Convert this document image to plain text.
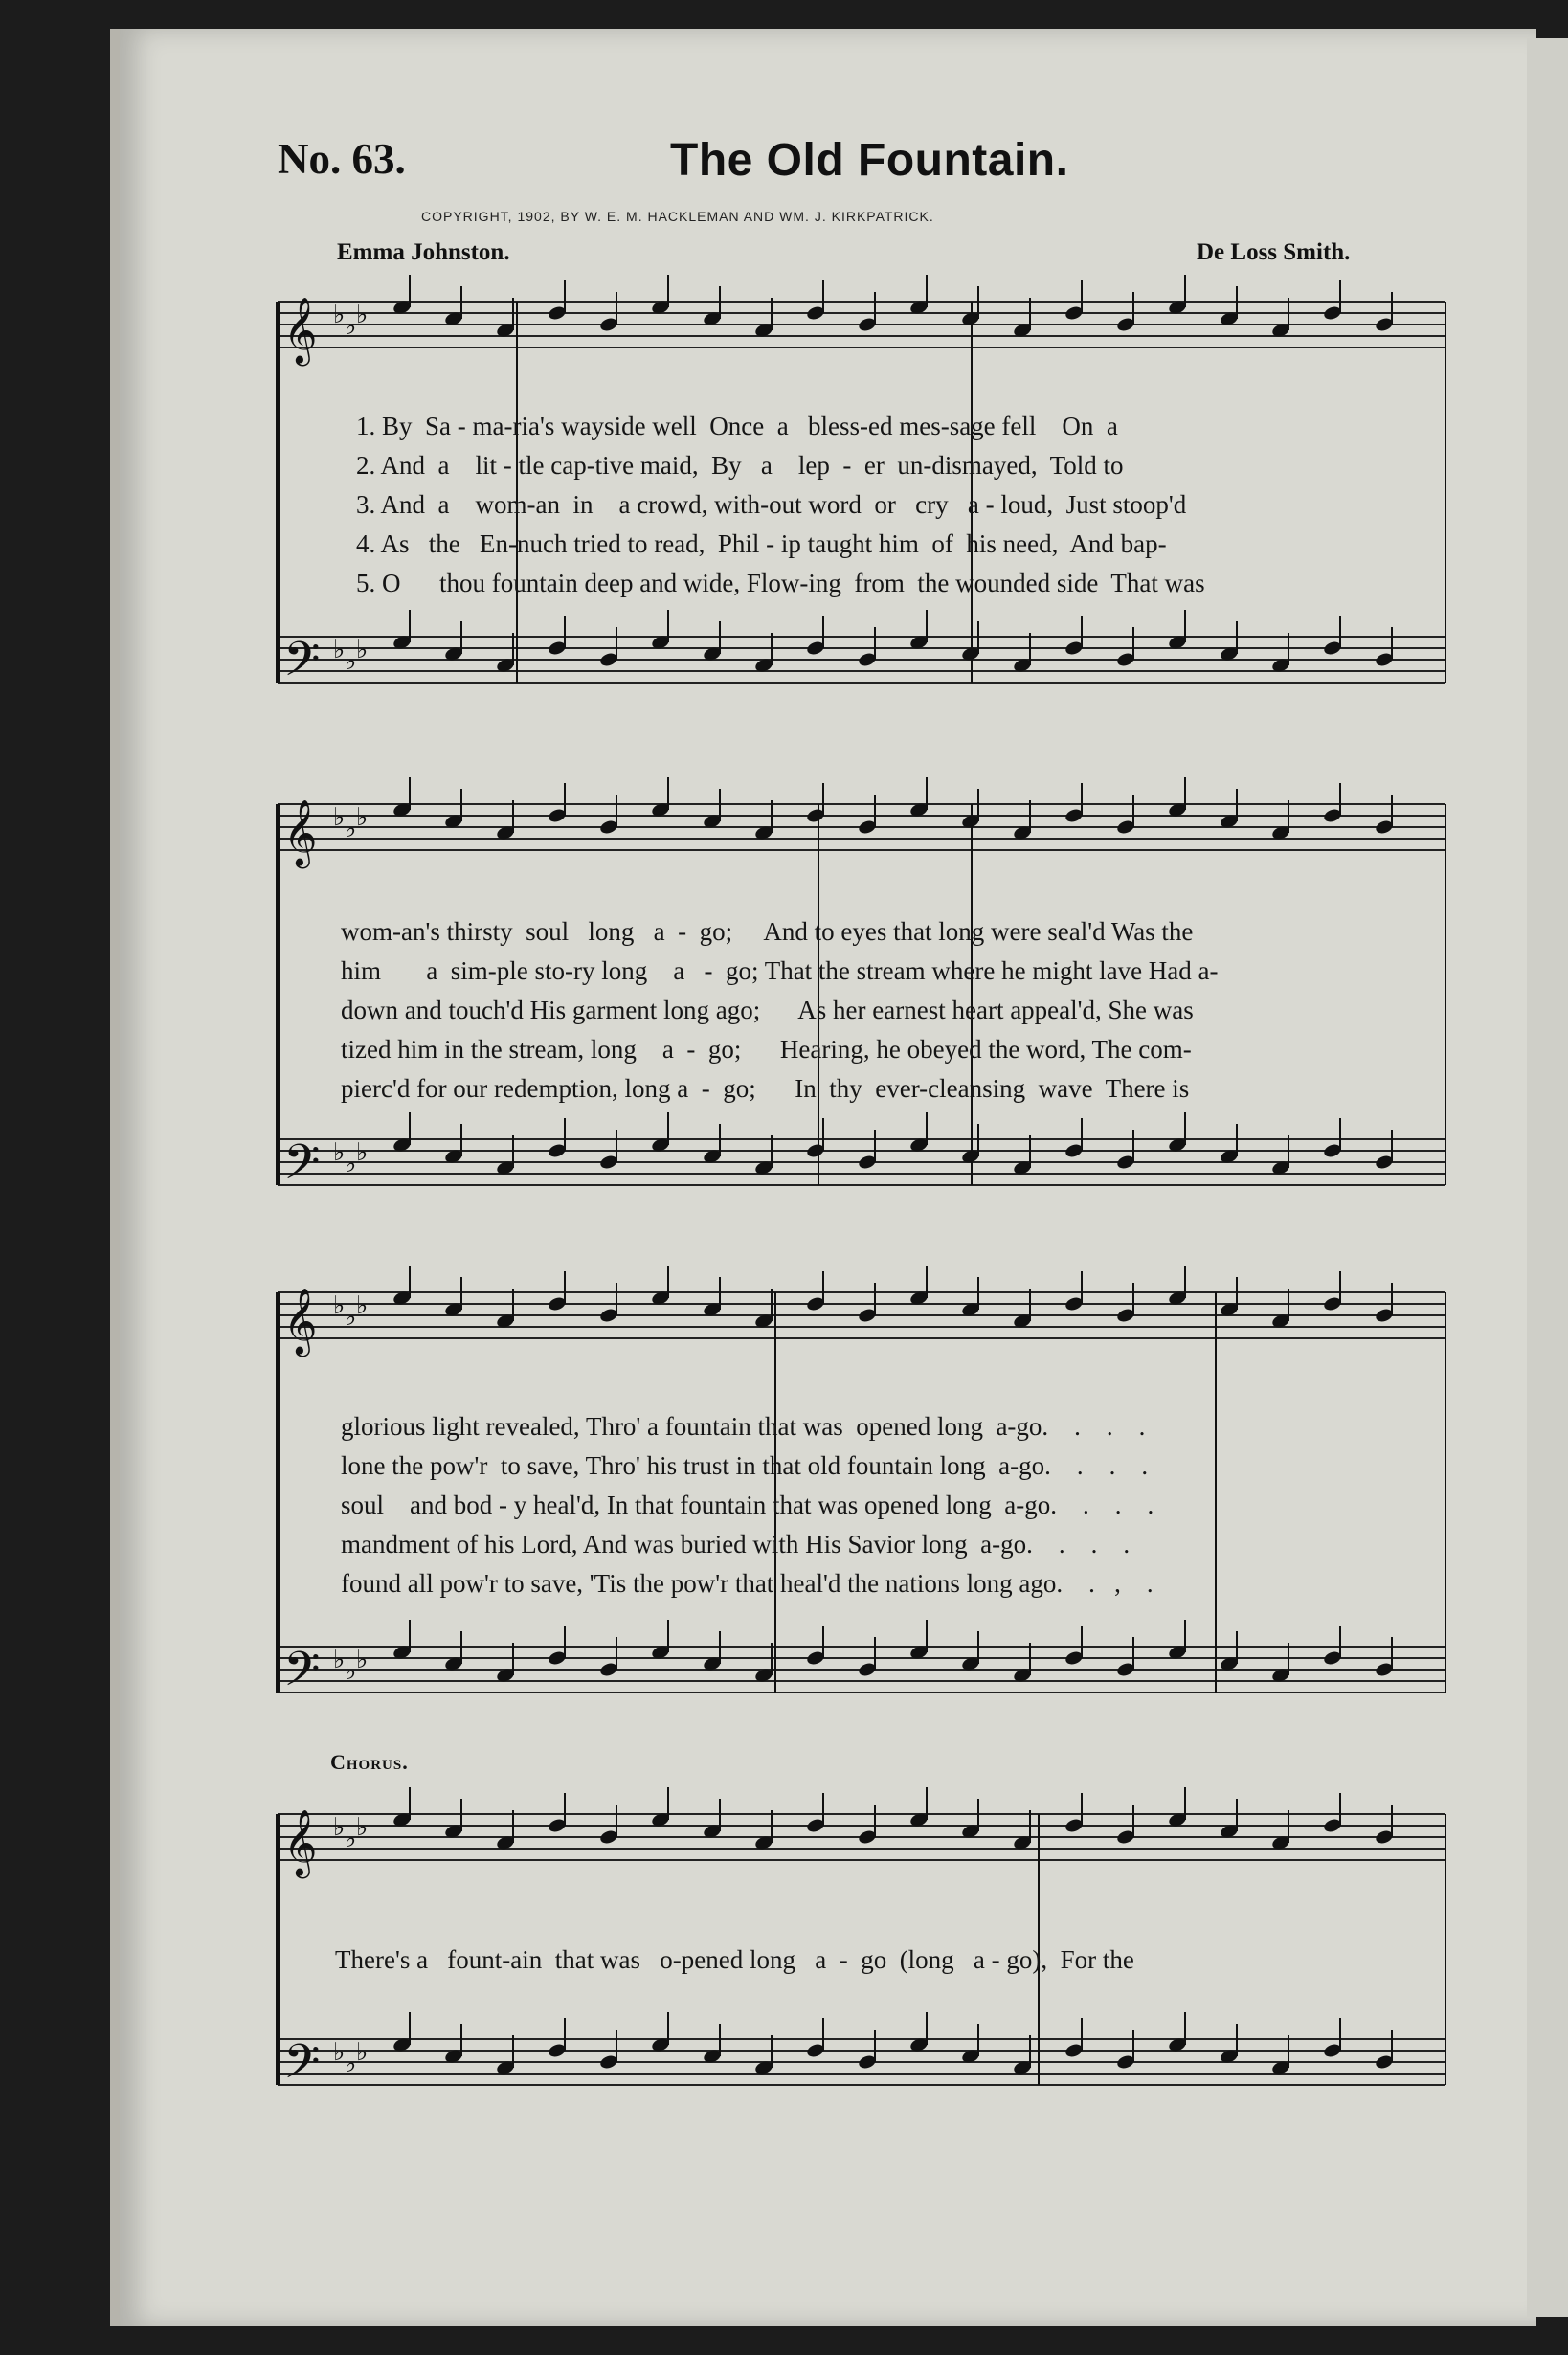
No. 63.	The Old Fountain.
COPYRIGHT, 1902, BY W. E. M. HACKLEMAN AND WM. J. KIRKPATRICK.
Emma Johnston.	De Loss Smith.
Chorus.
𝄞 ♭ ♭ ♭
𝄢 ♭ ♭ ♭
𝄞 ♭ ♭ ♭
𝄢 ♭ ♭ ♭
𝄞 ♭ ♭ ♭
𝄢 ♭ ♭ ♭
𝄞 ♭ ♭ ♭
𝄢 ♭ ♭ ♭
1. By  Sa - ma-ria's wayside well  Once  a   bless-ed mes-sage fell    On  a
2. And  a    lit - tle cap-tive maid,  By   a    lep  -  er  un-dismayed,  Told to
3. And  a    wom-an  in    a crowd, with-out word  or   cry   a - loud,  Just stoop'd
4. As   the   En-nuch tried to read,  Phil - ip taught him  of  his need,  And bap-
5. O      thou fountain deep and wide, Flow-ing  from  the wounded side  That was
wom-an's thirsty  soul   long   a  -  go;     And to eyes that long were seal'd Was the
him       a  sim-ple sto-ry long    a   -  go; That the stream where he might lave Had a-
down and touch'd His garment long ago;      As her earnest heart appeal'd, She was
tized him in the stream, long    a  -  go;      Hearing, he obeyed the word, The com-
pierc'd for our redemption, long a  -  go;      In  thy  ever-cleansing  wave  There is
glorious light revealed, Thro' a fountain that was  opened long  a-go.    .    .    .
lone the pow'r  to save, Thro' his trust in that old fountain long  a-go.    .    .    .
soul    and bod - y heal'd, In that fountain that was opened long  a-go.    .    .    .
mandment of his Lord, And was buried with His Savior long  a-go.    .    .    .
found all pow'r to save, 'Tis the pow'r that heal'd the nations long ago.    .   ,    .
There's a   fount-ain  that was   o-pened long   a  -  go  (long   a - go),  For the
